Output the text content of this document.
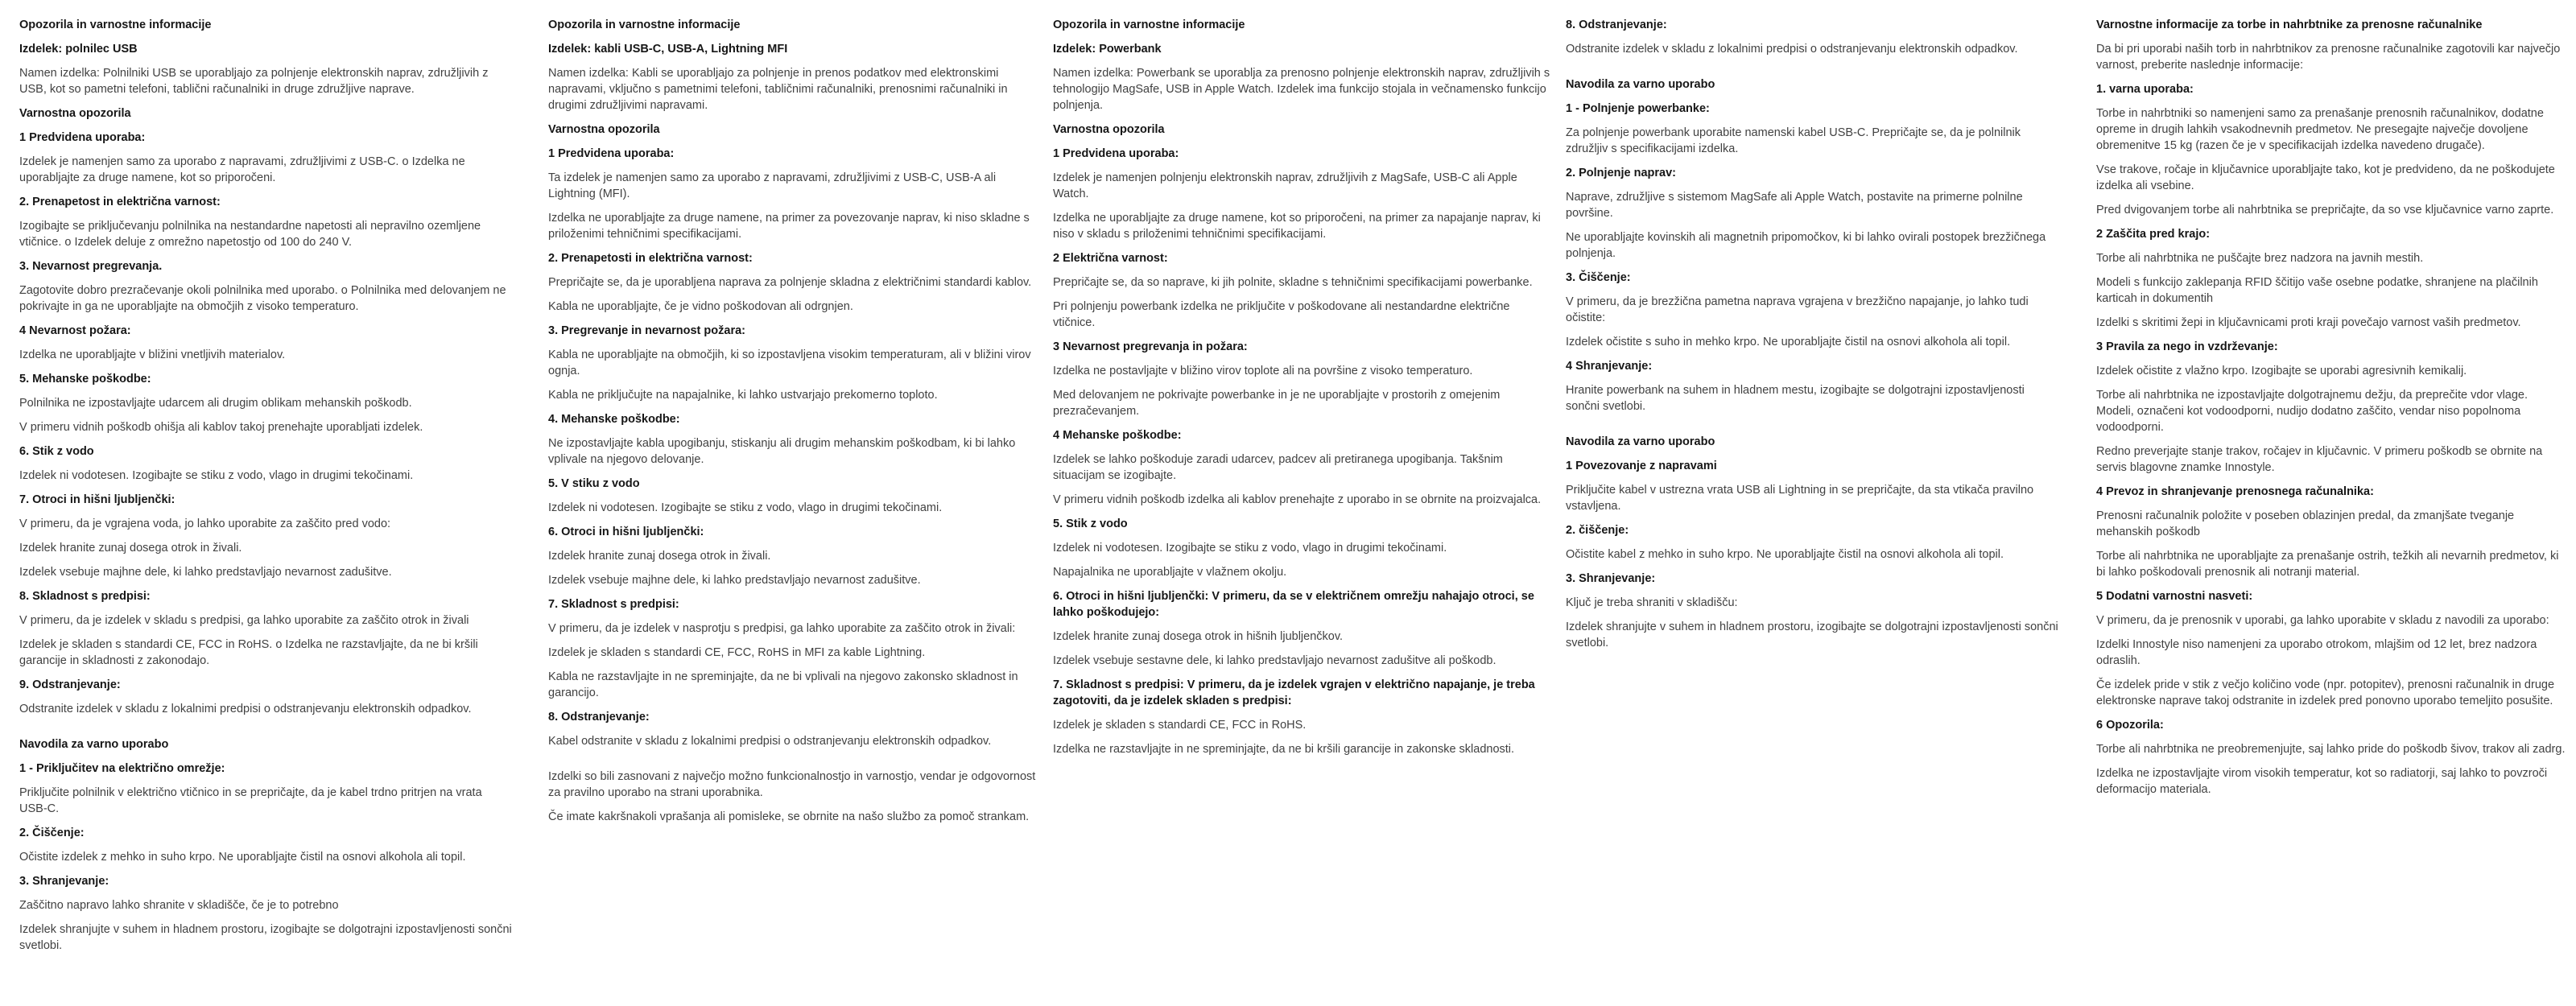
Opozorila in varnostne informacije
Izdelek: polnilec USB
Namen izdelka: Polnilniki USB se uporabljajo za polnjenje elektronskih naprav, združljivih z USB, kot so pametni telefoni, tablični računalniki in druge združljive naprave.
Varnostna opozorila
1 Predvidena uporaba:
Izdelek je namenjen samo za uporabo z napravami, združljivimi z USB-C. o Izdelka ne uporabljajte za druge namene, kot so priporočeni.
2. Prenapetost in električna varnost:
Izogibajte se priključevanju polnilnika na nestandardne napetosti ali nepravilno ozemljene vtičnice. o Izdelek deluje z omrežno napetostjo od 100 do 240 V.
3. Nevarnost pregrevanja.
Zagotovite dobro prezračevanje okoli polnilnika med uporabo. o Polnilnika med delovanjem ne pokrivajte in ga ne uporabljajte na območjih z visoko temperaturo.
4 Nevarnost požara:
Izdelka ne uporabljajte v bližini vnetljivih materialov.
5. Mehanske poškodbe:
Polnilnika ne izpostavljajte udarcem ali drugim oblikam mehanskih poškodb.
V primeru vidnih poškodb ohišja ali kablov takoj prenehajte uporabljati izdelek.
6. Stik z vodo
Izdelek ni vodotesen. Izogibajte se stiku z vodo, vlago in drugimi tekočinami.
7. Otroci in hišni ljubljenčki:
V primeru, da je vgrajena voda, jo lahko uporabite za zaščito pred vodo:
Izdelek hranite zunaj dosega otrok in živali.
Izdelek vsebuje majhne dele, ki lahko predstavljajo nevarnost zadušitve.
8. Skladnost s predpisi:
V primeru, da je izdelek v skladu s predpisi, ga lahko uporabite za zaščito otrok in živali
Izdelek je skladen s standardi CE, FCC in RoHS. o Izdelka ne razstavljajte, da ne bi kršili garancije in skladnosti z zakonodajo.
9. Odstranjevanje:
Odstranite izdelek v skladu z lokalnimi predpisi o odstranjevanju elektronskih odpadkov.
Navodila za varno uporabo
1 - Priključitev na električno omrežje:
Priključite polnilnik v električno vtičnico in se prepričajte, da je kabel trdno pritrjen na vrata USB-C.
2. Čiščenje:
Očistite izdelek z mehko in suho krpo. Ne uporabljajte čistil na osnovi alkohola ali topil.
3. Shranjevanje:
Zaščitno napravo lahko shranite v skladišče, če je to potrebno
Izdelek shranjujte v suhem in hladnem prostoru, izogibajte se dolgotrajni izpostavljenosti sončni svetlobi.
Opozorila in varnostne informacije
Izdelek: kabli USB-C, USB-A, Lightning MFI
Namen izdelka: Kabli se uporabljajo za polnjenje in prenos podatkov med elektronskimi napravami, vključno s pametnimi telefoni, tabličnimi računalniki, prenosnimi računalniki in drugimi združljivimi napravami.
Varnostna opozorila
1 Predvidena uporaba:
Ta izdelek je namenjen samo za uporabo z napravami, združljivimi z USB-C, USB-A ali Lightning (MFI).
Izdelka ne uporabljajte za druge namene, na primer za povezovanje naprav, ki niso skladne s priloženimi tehničnimi specifikacijami.
2. Prenapetosti in električna varnost:
Prepričajte se, da je uporabljena naprava za polnjenje skladna z električnimi standardi kablov.
Kabla ne uporabljajte, če je vidno poškodovan ali odrgnjen.
3. Pregrevanje in nevarnost požara:
Kabla ne uporabljajte na območjih, ki so izpostavljena visokim temperaturam, ali v bližini virov ognja.
Kabla ne priključujte na napajalnike, ki lahko ustvarjajo prekomerno toploto.
4. Mehanske poškodbe:
Ne izpostavljajte kabla upogibanju, stiskanju ali drugim mehanskim poškodbam, ki bi lahko vplivale na njegovo delovanje.
5. V stiku z vodo
Izdelek ni vodotesen. Izogibajte se stiku z vodo, vlago in drugimi tekočinami.
6. Otroci in hišni ljubljenčki:
Izdelek hranite zunaj dosega otrok in živali.
Izdelek vsebuje majhne dele, ki lahko predstavljajo nevarnost zadušitve.
7. Skladnost s predpisi:
V primeru, da je izdelek v nasprotju s predpisi, ga lahko uporabite za zaščito otrok in živali:
Izdelek je skladen s standardi CE, FCC, RoHS in MFI za kable Lightning.
Kabla ne razstavljajte in ne spreminjajte, da ne bi vplivali na njegovo zakonsko skladnost in garancijo.
8. Odstranjevanje:
Kabel odstranite v skladu z lokalnimi predpisi o odstranjevanju elektronskih odpadkov.
Izdelki so bili zasnovani z največjo možno funkcionalnostjo in varnostjo, vendar je odgovornost za pravilno uporabo na strani uporabnika.
Če imate kakršnakoli vprašanja ali pomisleke, se obrnite na našo službo za pomoč strankam.
Opozorila in varnostne informacije
Izdelek: Powerbank
Namen izdelka: Powerbank se uporablja za prenosno polnjenje elektronskih naprav, združljivih s tehnologijo MagSafe, USB in Apple Watch. Izdelek ima funkcijo stojala in večnamensko funkcijo polnjenja.
Varnostna opozorila
1 Predvidena uporaba:
Izdelek je namenjen polnjenju elektronskih naprav, združljivih z MagSafe, USB-C ali Apple Watch.
Izdelka ne uporabljajte za druge namene, kot so priporočeni, na primer za napajanje naprav, ki niso v skladu s priloženimi tehničnimi specifikacijami.
2 Električna varnost:
Prepričajte se, da so naprave, ki jih polnite, skladne s tehničnimi specifikacijami powerbanke.
Pri polnjenju powerbank izdelka ne priključite v poškodovane ali nestandardne električne vtičnice.
3 Nevarnost pregrevanja in požara:
Izdelka ne postavljajte v bližino virov toplote ali na površine z visoko temperaturo.
Med delovanjem ne pokrivajte powerbanke in je ne uporabljajte v prostorih z omejenim prezračevanjem.
4 Mehanske poškodbe:
Izdelek se lahko poškoduje zaradi udarcev, padcev ali pretiranega upogibanja. Takšnim situacijam se izogibajte.
V primeru vidnih poškodb izdelka ali kablov prenehajte z uporabo in se obrnite na proizvajalca.
5. Stik z vodo
Izdelek ni vodotesen. Izogibajte se stiku z vodo, vlago in drugimi tekočinami.
Napajalnika ne uporabljajte v vlažnem okolju.
6. Otroci in hišni ljubljenčki: V primeru, da se v električnem omrežju nahajajo otroci, se lahko poškodujejo:
Izdelek hranite zunaj dosega otrok in hišnih ljubljenčkov.
Izdelek vsebuje sestavne dele, ki lahko predstavljajo nevarnost zadušitve ali poškodb.
7. Skladnost s predpisi: V primeru, da je izdelek vgrajen v električno napajanje, je treba zagotoviti, da je izdelek skladen s predpisi:
Izdelek je skladen s standardi CE, FCC in RoHS.
Izdelka ne razstavljajte in ne spreminjajte, da ne bi kršili garancije in zakonske skladnosti.
8. Odstranjevanje:
Odstranite izdelek v skladu z lokalnimi predpisi o odstranjevanju elektronskih odpadkov.
Navodila za varno uporabo
1 - Polnjenje powerbanke:
Za polnjenje powerbank uporabite namenski kabel USB-C. Prepričajte se, da je polnilnik združljiv s specifikacijami izdelka.
2. Polnjenje naprav:
Naprave, združljive s sistemom MagSafe ali Apple Watch, postavite na primerne polnilne površine.
Ne uporabljajte kovinskih ali magnetnih pripomočkov, ki bi lahko ovirali postopek brezžičnega polnjenja.
3. Čiščenje:
V primeru, da je brezžična pametna naprava vgrajena v brezžično napajanje, jo lahko tudi očistite:
Izdelek očistite s suho in mehko krpo. Ne uporabljajte čistil na osnovi alkohola ali topil.
4 Shranjevanje:
Hranite powerbank na suhem in hladnem mestu, izogibajte se dolgotrajni izpostavljenosti sončni svetlobi.
Navodila za varno uporabo
1 Povezovanje z napravami
Priključite kabel v ustrezna vrata USB ali Lightning in se prepričajte, da sta vtikača pravilno vstavljena.
2. čiščenje:
Očistite kabel z mehko in suho krpo. Ne uporabljajte čistil na osnovi alkohola ali topil.
3. Shranjevanje:
Ključ je treba shraniti v skladišču:
Izdelek shranjujte v suhem in hladnem prostoru, izogibajte se dolgotrajni izpostavljenosti sončni svetlobi.
Varnostne informacije za torbe in nahrbtnike za prenosne računalnike
Da bi pri uporabi naših torb in nahrbtnikov za prenosne računalnike zagotovili kar največjo varnost, preberite naslednje informacije:
1. varna uporaba:
Torbe in nahrbtniki so namenjeni samo za prenašanje prenosnih računalnikov, dodatne opreme in drugih lahkih vsakodnevnih predmetov. Ne presegajte največje dovoljene obremenitve 15 kg (razen če je v specifikacijah izdelka navedeno drugače).
Vse trakove, ročaje in ključavnice uporabljajte tako, kot je predvideno, da ne poškodujete izdelka ali vsebine.
Pred dvigovanjem torbe ali nahrbtnika se prepričajte, da so vse ključavnice varno zaprte.
2 Zaščita pred krajo:
Torbe ali nahrbtnika ne puščajte brez nadzora na javnih mestih.
Modeli s funkcijo zaklepanja RFID ščitijo vaše osebne podatke, shranjene na plačilnih karticah in dokumentih
Izdelki s skritimi žepi in ključavnicami proti kraji povečajo varnost vaših predmetov.
3 Pravila za nego in vzdrževanje:
Izdelek očistite z vlažno krpo. Izogibajte se uporabi agresivnih kemikalij.
Torbe ali nahrbtnika ne izpostavljajte dolgotrajnemu dežju, da preprečite vdor vlage. Modeli, označeni kot vodoodporni, nudijo dodatno zaščito, vendar niso popolnoma vodoodporni.
Redno preverjajte stanje trakov, ročajev in ključavnic. V primeru poškodb se obrnite na servis blagovne znamke Innostyle.
4 Prevoz in shranjevanje prenosnega računalnika:
Prenosni računalnik položite v poseben oblazinjen predal, da zmanjšate tveganje mehanskih poškodb
Torbe ali nahrbtnika ne uporabljajte za prenašanje ostrih, težkih ali nevarnih predmetov, ki bi lahko poškodovali prenosnik ali notranji material.
5 Dodatni varnostni nasveti:
V primeru, da je prenosnik v uporabi, ga lahko uporabite v skladu z navodili za uporabo:
Izdelki Innostyle niso namenjeni za uporabo otrokom, mlajšim od 12 let, brez nadzora odraslih.
Če izdelek pride v stik z večjo količino vode (npr. potopitev), prenosni računalnik in druge elektronske naprave takoj odstranite in izdelek pred ponovno uporabo temeljito posušite.
6 Opozorila:
Torbe ali nahrbtnika ne preobremenjujte, saj lahko pride do poškodb šivov, trakov ali zadrg.
Izdelka ne izpostavljajte virom visokih temperatur, kot so radiatorji, saj lahko to povzroči deformacijo materiala.
